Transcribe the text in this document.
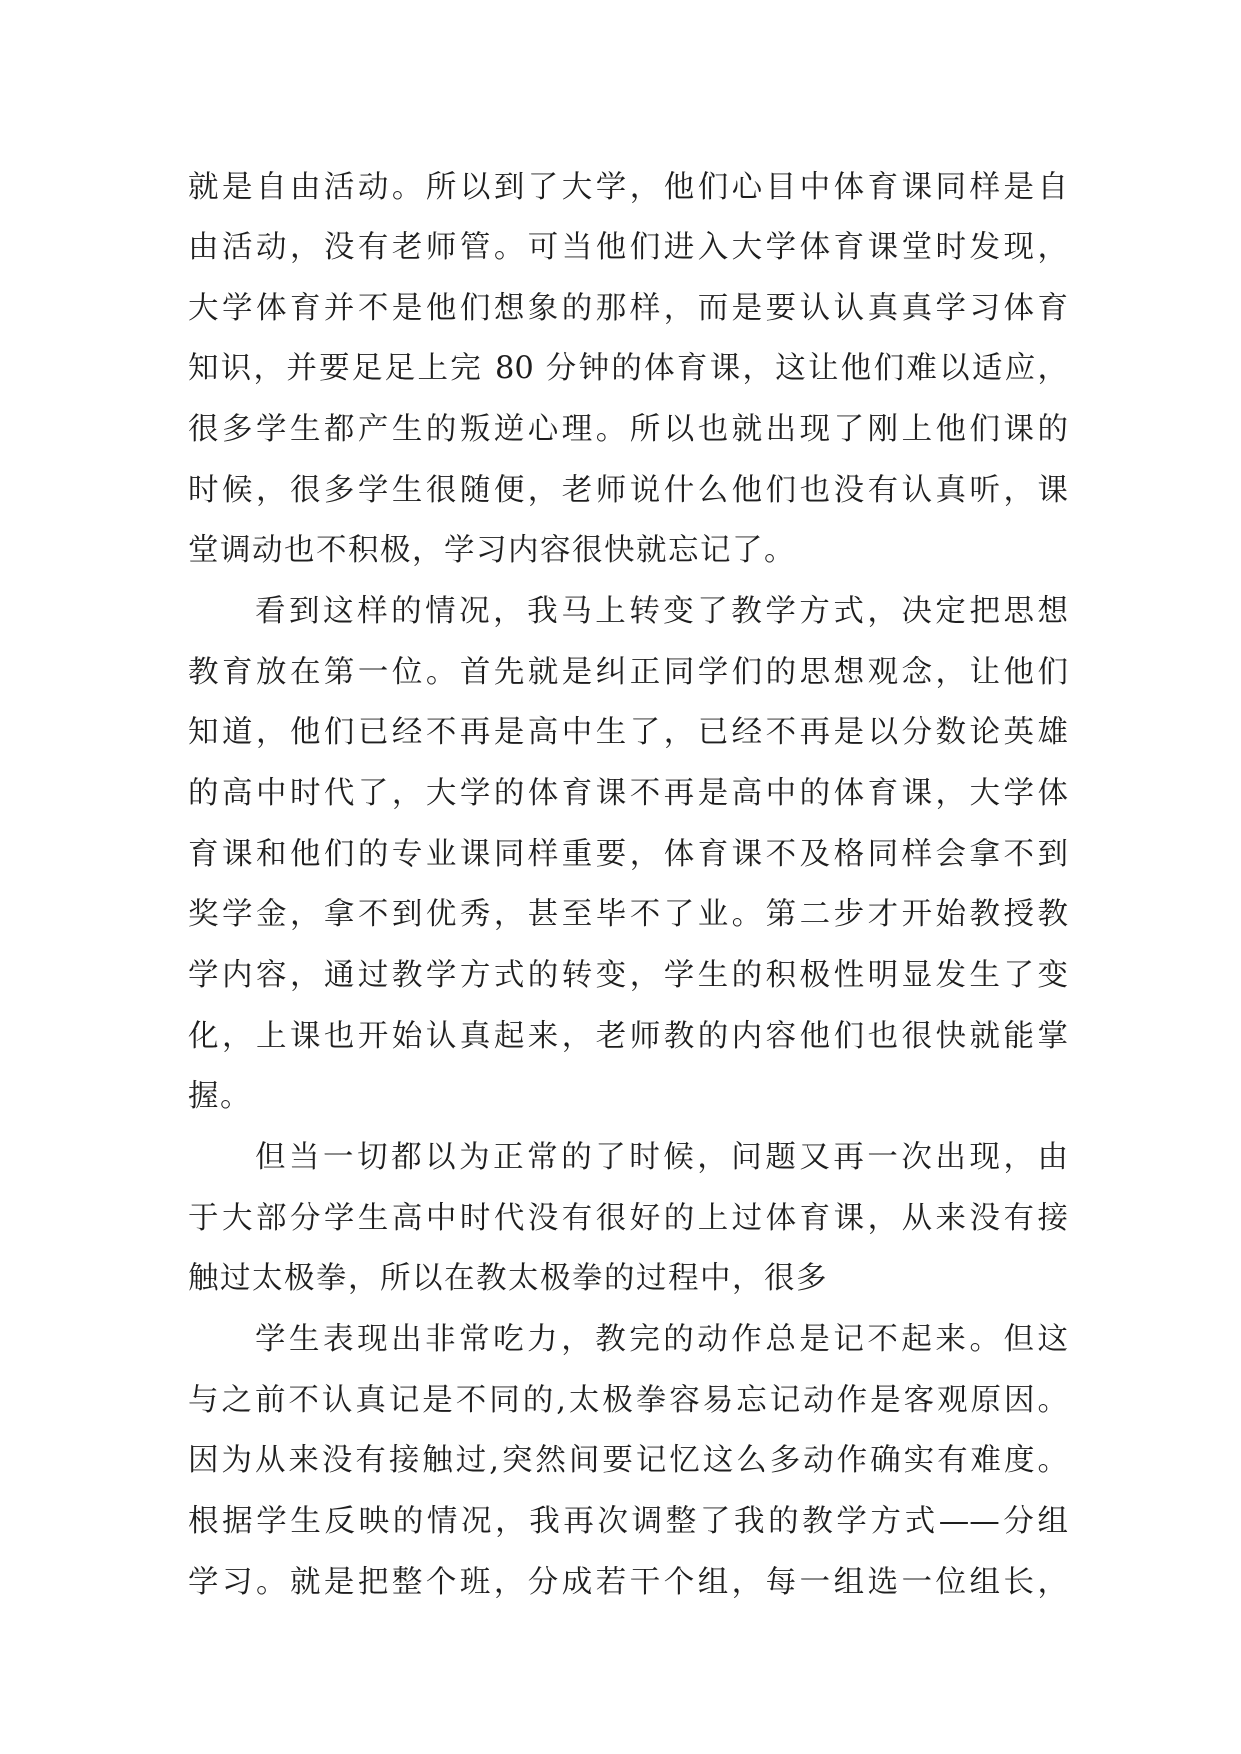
就是自由活动。所以到了大学，他们心目中体育课同样是自
由活动，没有老师管。可当他们进入大学体育课堂时发现，
大学体育并不是他们想象的那样，而是要认认真真学习体育
知识，并要足足上完 80 分钟的体育课，这让他们难以适应，
很多学生都产生的叛逆心理。所以也就出现了刚上他们课的
时候，很多学生很随便，老师说什么他们也没有认真听，课
堂调动也不积极，学习内容很快就忘记了。
看到这样的情况，我马上转变了教学方式，决定把思想
教育放在第一位。首先就是纠正同学们的思想观念，让他们
知道，他们已经不再是高中生了，已经不再是以分数论英雄
的高中时代了，大学的体育课不再是高中的体育课，大学体
育课和他们的专业课同样重要，体育课不及格同样会拿不到
奖学金，拿不到优秀，甚至毕不了业。第二步才开始教授教
学内容，通过教学方式的转变，学生的积极性明显发生了变
化，上课也开始认真起来，老师教的内容他们也很快就能掌
握。
但当一切都以为正常的了时候，问题又再一次出现，由
于大部分学生高中时代没有很好的上过体育课，从来没有接
触过太极拳，所以在教太极拳的过程中，很多
学生表现出非常吃力，教完的动作总是记不起来。但这
与之前不认真记是不同的,太极拳容易忘记动作是客观原因。
因为从来没有接触过,突然间要记忆这么多动作确实有难度。
根据学生反映的情况，我再次调整了我的教学方式——分组
学习。就是把整个班，分成若干个组，每一组选一位组长，
